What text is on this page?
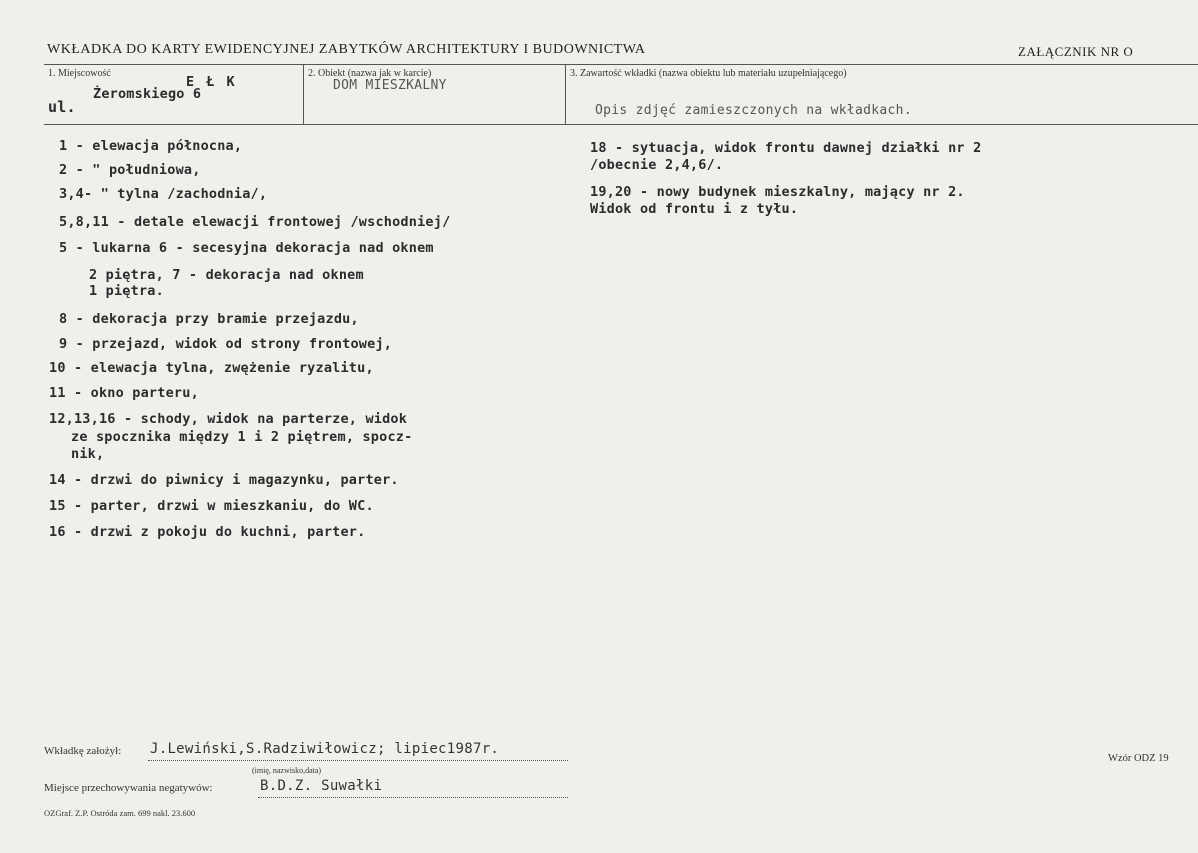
WKŁADKA DO KARTY EWIDENCYJNEJ ZABYTKÓW ARCHITEKTURY I BUDOWNICTWA	ZAŁĄCZNIK NR O
1. Miejscowość
E Ł K
ul.
Żeromskiego 6
2. Obiekt (nazwa jak w karcie)
DOM MIESZKALNY
3. Zawartość wkładki (nazwa obiektu lub materiału uzupełniającego)
Opis zdjęć zamieszczonych na wkładkach.
1 - elewacja północna,
2 - " południowa,
3,4- " tylna /zachodnia/,
5,8,11 - detale elewacji frontowej /wschodniej/
5 - lukarna 6 - secesyjna dekoracja nad oknem
2 piętra, 7 - dekoracja nad oknem
1 piętra.
8 - dekoracja przy bramie przejazdu,
9 - przejazd, widok od strony frontowej,
10 - elewacja tylna, zwężenie ryzalitu,
11 - okno parteru,
12,13,16 - schody, widok na parterze, widok
ze spocznika między 1 i 2 piętrem, spocz-
nik,
14 - drzwi do piwnicy i magazynku, parter.
15 - parter, drzwi w mieszkaniu, do WC.
16 - drzwi z pokoju do kuchni, parter.
18 - sytuacja, widok frontu dawnej działki nr 2
/obecnie 2,4,6/.
19,20 - nowy budynek mieszkalny, mający nr 2.
Widok od frontu i z tyłu.
Wkładkę założył: J.Lewiński,S.Radziwiłowicz; lipiec1987r.
(imię, nazwisko,data)
Miejsce przechowywania negatywów:	B.D.Z. Suwałki
OZGraf. Z.P. Ostróda zam. 699 nakl. 23.600
Wzór ODZ 19
